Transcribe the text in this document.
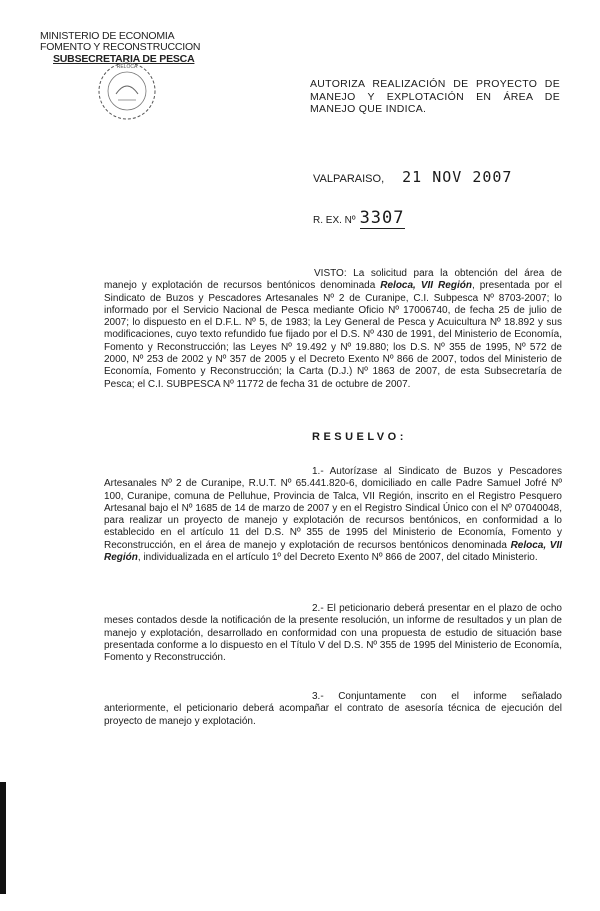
MINISTERIO DE ECONOMIA
FOMENTO Y RECONSTRUCCION
SUBSECRETARIA DE PESCA
RELOCA
AUTORIZA REALIZACIÓN DE PROYECTO DE MANEJO Y EXPLOTACIÓN EN ÁREA DE MANEJO QUE INDICA.
VALPARAISO, 21 NOV 2007
R. EX. Nº 3307
VISTO: La solicitud para la obtención del área de manejo y explotación de recursos bentónicos denominada Reloca, VII Región, presentada por el Sindicato de Buzos y Pescadores Artesanales Nº 2 de Curanipe, C.I. Subpesca Nº 8703-2007; lo informado por el Servicio Nacional de Pesca mediante Oficio Nº 17006740, de fecha 25 de julio de 2007; lo dispuesto en el D.F.L. Nº 5, de 1983; la Ley General de Pesca y Acuicultura Nº 18.892 y sus modificaciones, cuyo texto refundido fue fijado por el D.S. Nº 430 de 1991, del Ministerio de Economía, Fomento y Reconstrucción; las Leyes Nº 19.492 y Nº 19.880; los D.S. Nº 355 de 1995, Nº 572 de 2000, Nº 253 de 2002 y Nº 357 de 2005 y el Decreto Exento Nº 866 de 2007, todos del Ministerio de Economía, Fomento y Reconstrucción; la Carta (D.J.) Nº 1863 de 2007, de esta Subsecretaría de Pesca; el C.I. SUBPESCA Nº 11772 de fecha 31 de octubre de 2007.
RESUELVO:
1.- Autorízase al Sindicato de Buzos y Pescadores Artesanales Nº 2 de Curanipe, R.U.T. Nº 65.441.820-6, domiciliado en calle Padre Samuel Jofré Nº 100, Curanipe, comuna de Pelluhue, Provincia de Talca, VII Región, inscrito en el Registro Pesquero Artesanal bajo el Nº 1685 de 14 de marzo de 2007 y en el Registro Sindical Único con el Nº 07040048, para realizar un proyecto de manejo y explotación de recursos bentónicos, en conformidad a lo establecido en el artículo 11 del D.S. Nº 355 de 1995 del Ministerio de Economía, Fomento y Reconstrucción, en el área de manejo y explotación de recursos bentónicos denominada Reloca, VII Región, individualizada en el artículo 1º del Decreto Exento Nº 866 de 2007, del citado Ministerio.
2.- El peticionario deberá presentar en el plazo de ocho meses contados desde la notificación de la presente resolución, un informe de resultados y un plan de manejo y explotación, desarrollado en conformidad con una propuesta de estudio de situación base presentada conforme a lo dispuesto en el Título V del D.S. Nº 355 de 1995 del Ministerio de Economía, Fomento y Reconstrucción.
3.- Conjuntamente con el informe señalado anteriormente, el peticionario deberá acompañar el contrato de asesoría técnica de ejecución del proyecto de manejo y explotación.
